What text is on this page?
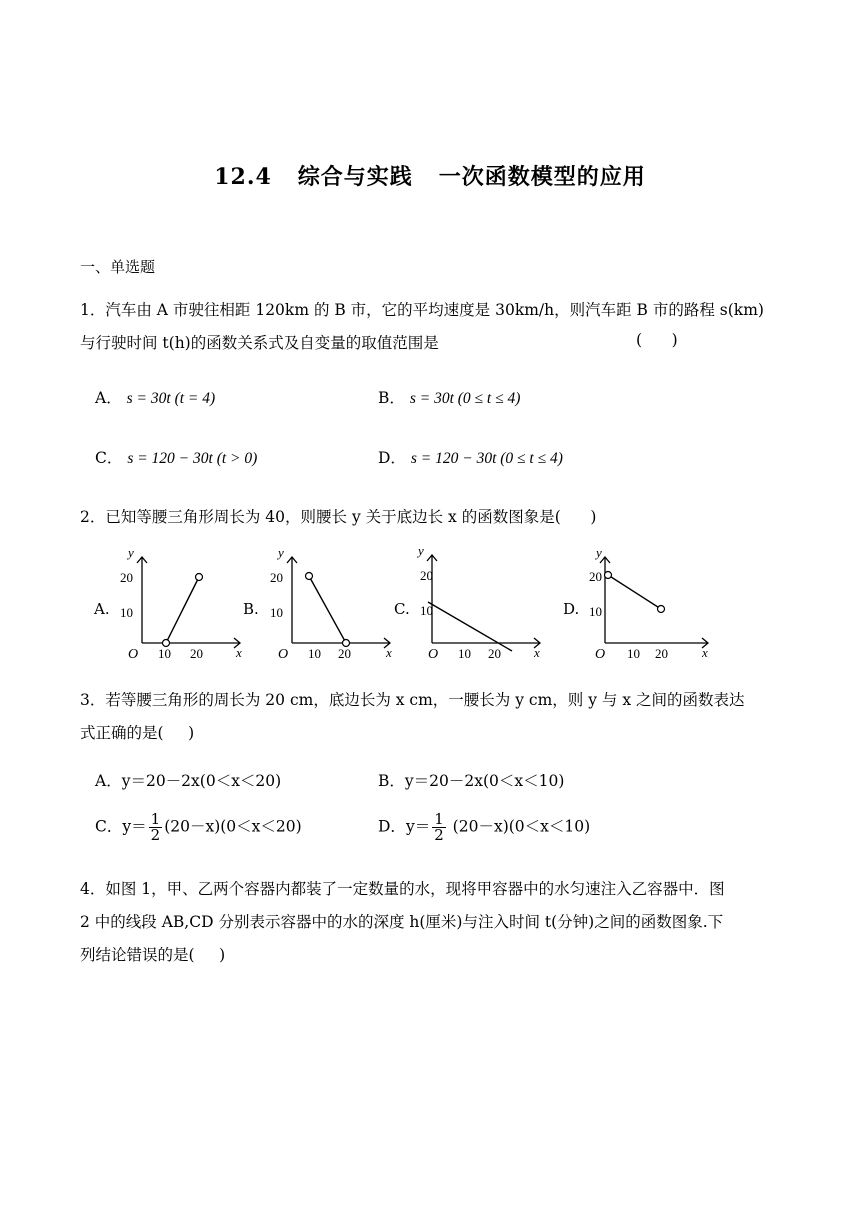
12.4   综合与实践   一次函数模型的应用
一、单选题
1．汽车由 A 市驶往相距 120km 的 B 市，它的平均速度是 30km/h，则汽车距 B 市的路程 s(km)
与行驶时间 t(h)的函数关系式及自变量的取值范围是	(      )
A． s = 30t (t = 4)	B． s = 30t (0 ≤ t ≤ 4)
C． s = 120 − 30t (t > 0)	D． s = 120 − 30t (0 ≤ t ≤ 4)
2．已知等腰三角形周长为 40，则腰长 y 关于底边长 x 的函数图象是(      )
A.
y
x
20
10
O 10 20
B.
y
x
20
10
O 10 20
C.
y
x
20
10
O 10 20
D.
y
x
20
10
O 10 20
3．若等腰三角形的周长为 20 cm，底边长为 x cm，一腰长为 y cm，则 y 与 x 之间的函数表达
式正确的是(     )
A．y＝20－2x(0＜x＜20)	B．y＝20－2x(0＜x＜10)
C．$y= \frac{1}{2} (20-x)(0<x<20)$	D．$y= \frac{1}{2} (20-x)(0<x<10)$
4．如图 1，甲、乙两个容器内都装了一定数量的水，现将甲容器中的水匀速注入乙容器中．图
2 中的线段 AB,CD 分别表示容器中的水的深度 h(厘米)与注入时间 t(分钟)之间的函数图象.下
列结论错误的是(     )
